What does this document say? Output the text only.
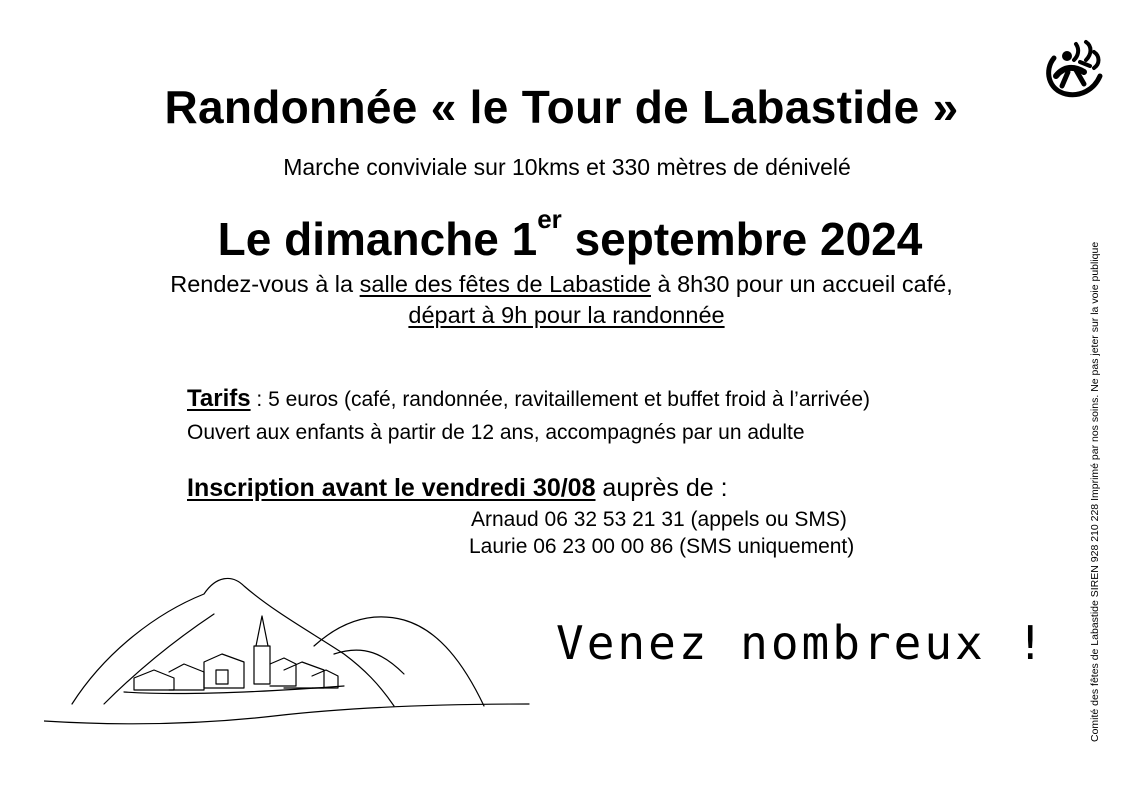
Randonnée « le Tour de Labastide »
Marche conviviale sur 10kms et 330 mètres de dénivelé
Le dimanche 1er septembre 2024
Rendez-vous à la salle des fêtes de Labastide à 8h30 pour un accueil café,
départ à 9h pour la randonnée
Tarifs : 5 euros (café, randonnée, ravitaillement et buffet froid à l’arrivée)
Ouvert aux enfants à partir de 12 ans, accompagnés par un adulte
Inscription avant le vendredi 30/08 auprès de :
Arnaud 06 32 53 21 31 (appels ou SMS)
Laurie 06 23 00 00 86 (SMS uniquement)
Venez nombreux !	Comité des fêtes de Labastide SIREN 928 210 228 Imprimé par nos soins. Ne pas jeter sur la voie publique
